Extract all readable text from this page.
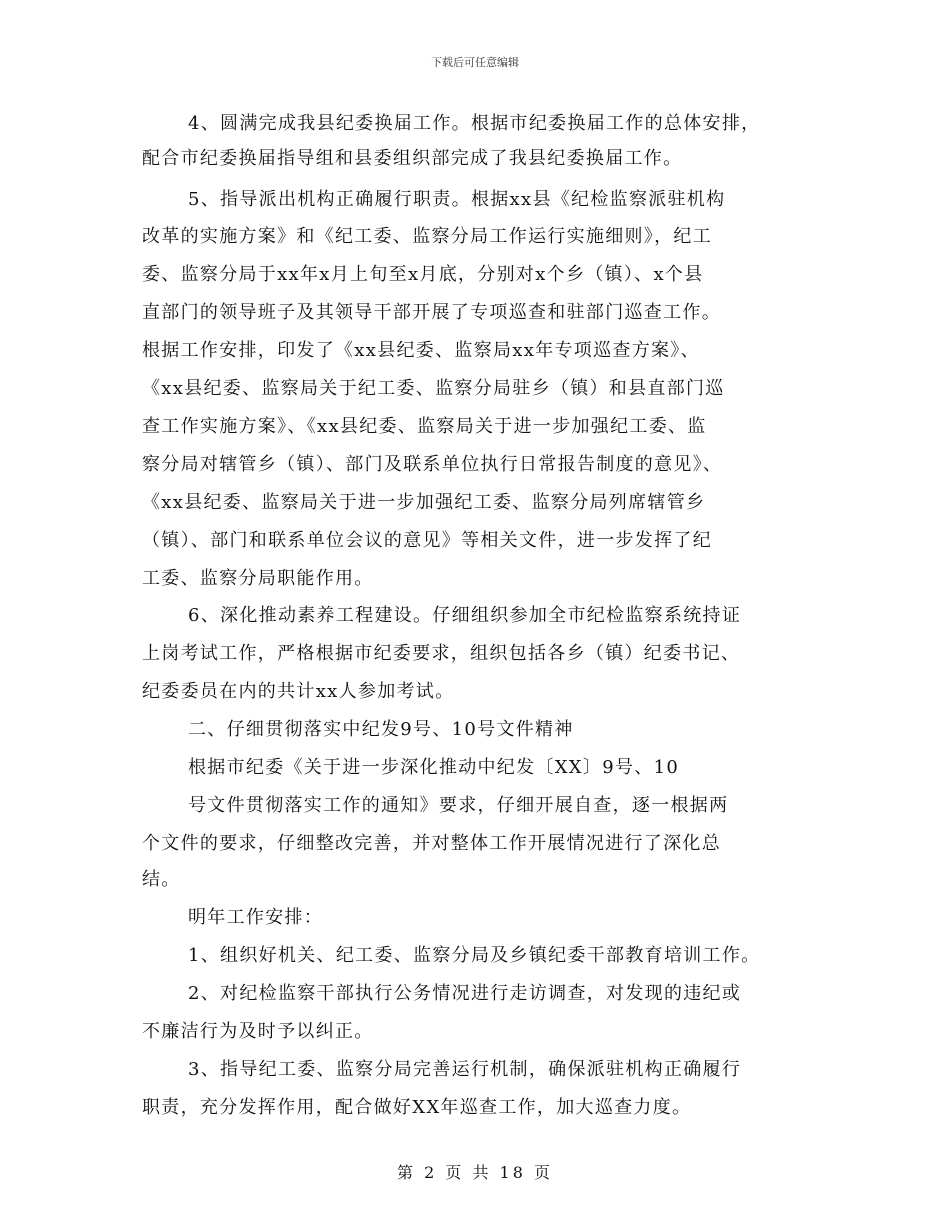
下载后可任意编辑
4、圆满完成我县纪委换届工作。根据市纪委换届工作的总体安排，
配合市纪委换届指导组和县委组织部完成了我县纪委换届工作。
5、指导派出机构正确履行职责。根据xx县《纪检监察派驻机构
改革的实施方案》和《纪工委、监察分局工作运行实施细则》，纪工
委、监察分局于xx年x月上旬至x月底，分别对x个乡（镇）、x个县
直部门的领导班子及其领导干部开展了专项巡查和驻部门巡查工作。
根据工作安排，印发了《xx县纪委、监察局xx年专项巡查方案》、
《xx县纪委、监察局关于纪工委、监察分局驻乡（镇）和县直部门巡
查工作实施方案》、《xx县纪委、监察局关于进一步加强纪工委、监
察分局对辖管乡（镇）、部门及联系单位执行日常报告制度的意见》、
《xx县纪委、监察局关于进一步加强纪工委、监察分局列席辖管乡
（镇）、部门和联系单位会议的意见》等相关文件，进一步发挥了纪
工委、监察分局职能作用。
6、深化推动素养工程建设。仔细组织参加全市纪检监察系统持证
上岗考试工作，严格根据市纪委要求，组织包括各乡（镇）纪委书记、
纪委委员在内的共计xx人参加考试。
二、仔细贯彻落实中纪发9号、10号文件精神
根据市纪委《关于进一步深化推动中纪发〔XX〕9号、10
号文件贯彻落实工作的通知》要求，仔细开展自查，逐一根据两
个文件的要求，仔细整改完善，并对整体工作开展情况进行了深化总
结。
明年工作安排：
1、组织好机关、纪工委、监察分局及乡镇纪委干部教育培训工作。
2、对纪检监察干部执行公务情况进行走访调查，对发现的违纪或
不廉洁行为及时予以纠正。
3、指导纪工委、监察分局完善运行机制，确保派驻机构正确履行
职责，充分发挥作用，配合做好XX年巡查工作，加大巡查力度。
第 2 页 共 18 页
